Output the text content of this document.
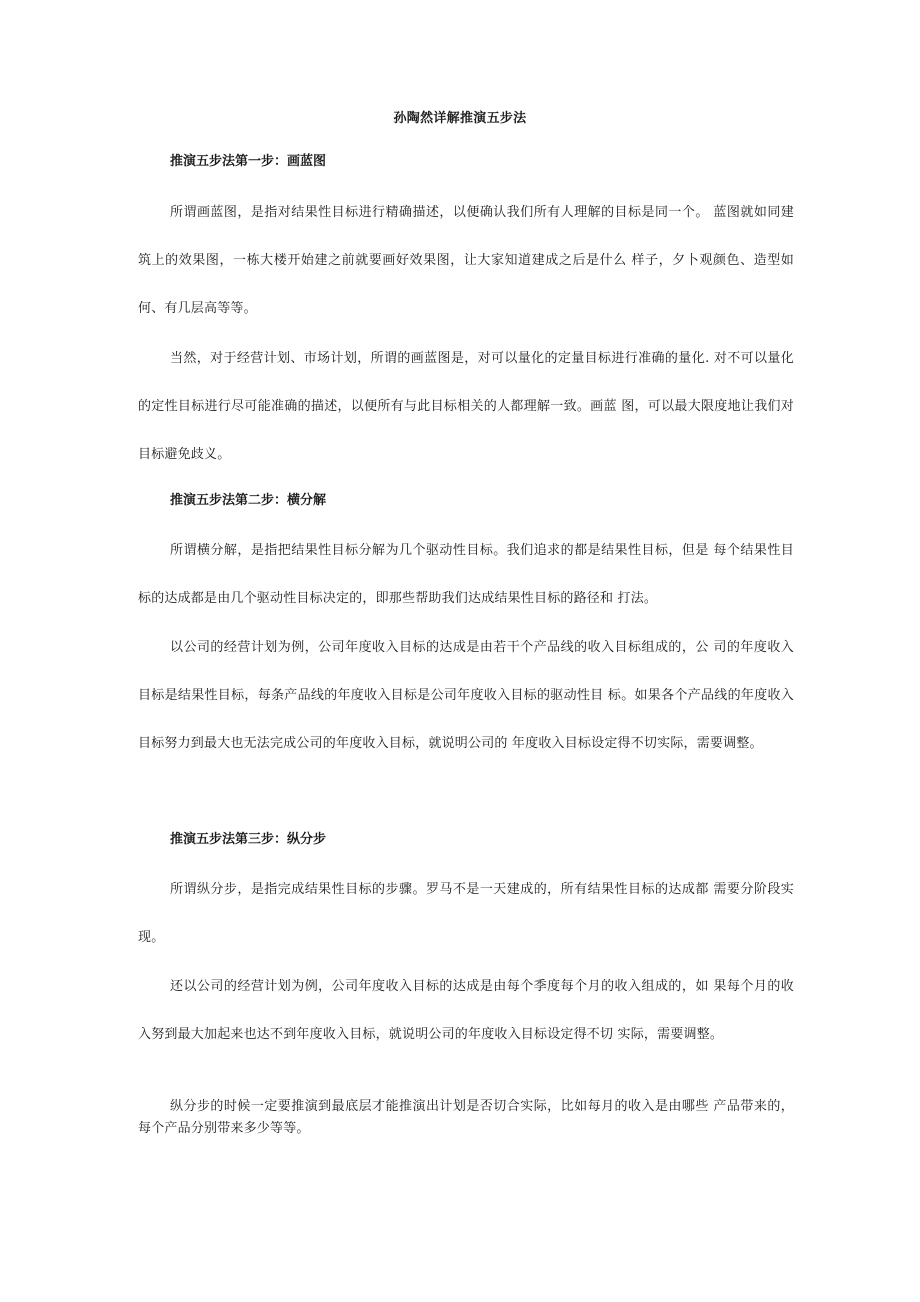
孙陶然详解推演五步法
推演五步法第一步：画蓝图
所谓画蓝图，是指对结果性目标进行精确描述，以便确认我们所有人理解的目标是同一个。 蓝图就如同建筑上的效果图，一栋大楼开始建之前就要画好效果图，让大家知道建成之后是什么 样子，夕卜观颜色、造型如何、有几层高等等。
当然，对于经营计划、市场计划，所谓的画蓝图是，对可以量化的定量目标进行准确的量化. 对不可以量化的定性目标进行尽可能准确的描述，以便所有与此目标相关的人都理解一致。画蓝 图，可以最大限度地让我们对目标避免歧义。
推演五步法第二步：横分解
所谓横分解，是指把结果性目标分解为几个驱动性目标。我们追求的都是结果性目标，但是 每个结果性目标的达成都是由几个驱动性目标决定的，即那些帮助我们达成结果性目标的路径和 打法。
以公司的经营计划为例，公司年度收入目标的达成是由若干个产品线的收入目标组成的，公 司的年度收入目标是结果性目标，每条产品线的年度收入目标是公司年度收入目标的驱动性目 标。如果各个产品线的年度收入目标努力到最大也无法完成公司的年度收入目标，就说明公司的 年度收入目标设定得不切实际，需要调整。
推演五步法第三步：纵分步
所谓纵分步，是指完成结果性目标的步骤。罗马不是一天建成的，所有结果性目标的达成都 需要分阶段实现。
还以公司的经营计划为例，公司年度收入目标的达成是由每个季度每个月的收入组成的，如 果每个月的收入努到最大加起来也达不到年度收入目标，就说明公司的年度收入目标设定得不切 实际，需要调整。
纵分步的时候一定要推演到最底层才能推演出计划是否切合实际，比如每月的收入是由哪些 产品带来的，每个产品分别带来多少等等。
